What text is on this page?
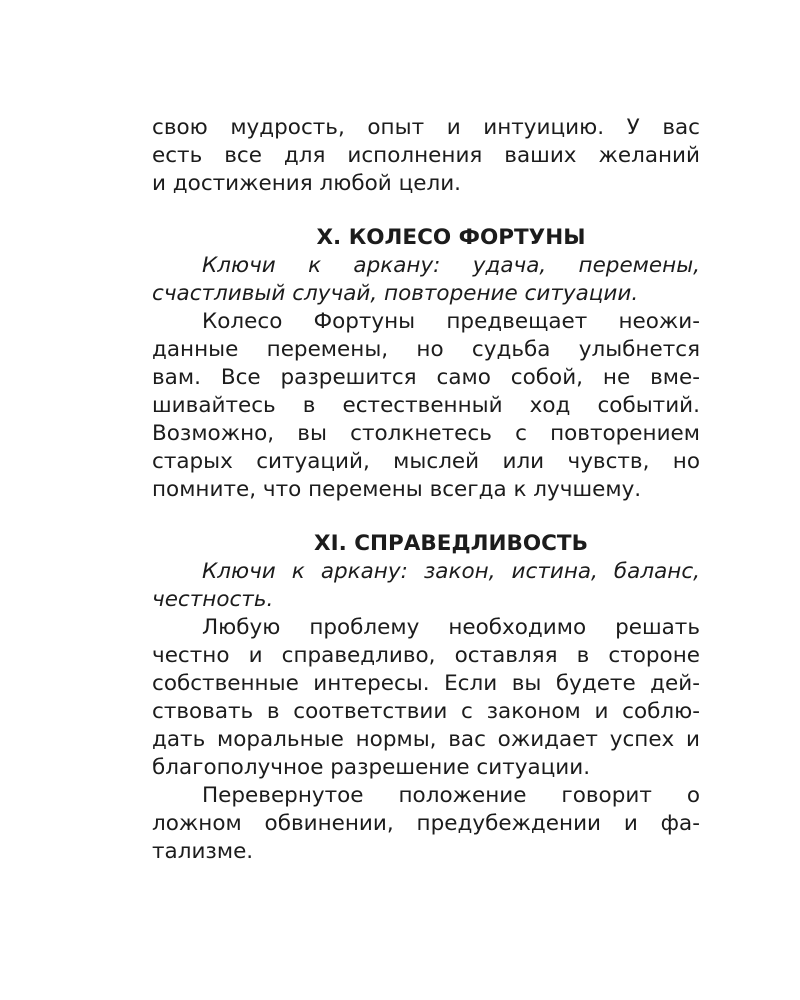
свою мудрость, опыт и интуицию. У вас
есть все для исполнения ваших желаний
и достижения любой цели.
X. КОЛЕСО ФОРТУНЫ
Ключи к аркану: удача, перемены,
счастливый случай, повторение ситуации.
Колесо Фортуны предвещает неожи-
данные перемены, но судьба улыбнется
вам. Все разрешится само собой, не вме-
шивайтесь в естественный ход событий.
Возможно, вы столкнетесь с повторением
старых ситуаций, мыслей или чувств, но
помните, что перемены всегда к лучшему.
XI. СПРАВЕДЛИВОСТЬ
Ключи к аркану: закон, истина, баланс,
честность.
Любую проблему необходимо решать
честно и справедливо, оставляя в стороне
собственные интересы. Если вы будете дей-
ствовать в соответствии с законом и соблю-
дать моральные нормы, вас ожидает успех и
благополучное разрешение ситуации.
Перевернутое положение говорит о
ложном обвинении, предубеждении и фа-
тализме.
